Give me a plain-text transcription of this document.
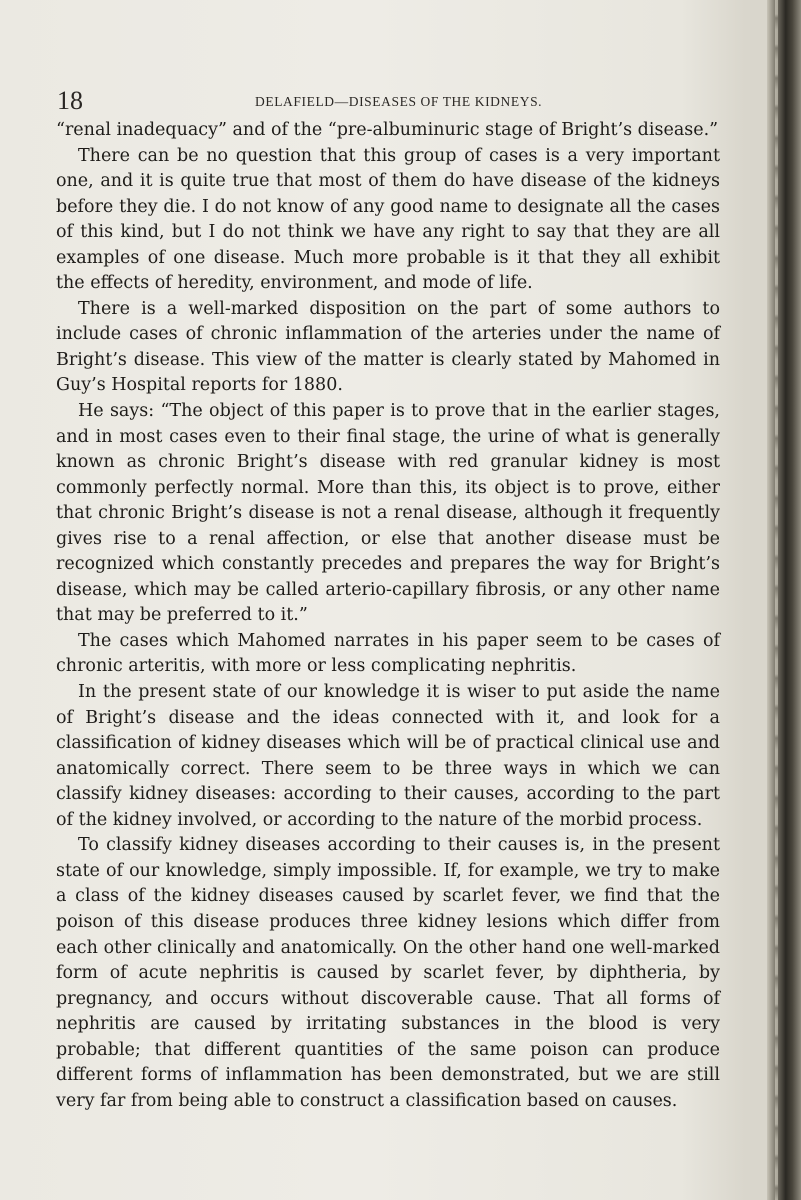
18	DELAFIELD—DISEASES OF THE KIDNEYS.

“renal inadequacy” and of the “pre-albuminuric stage of Bright’s disease.”

There can be no question that this group of cases is a very important one, and it is quite true that most of them do have disease of the kidneys before they die. I do not know of any good name to designate all the cases of this kind, but I do not think we have any right to say that they are all examples of one disease. Much more probable is it that they all exhibit the effects of heredity, environment, and mode of life.

There is a well-marked disposition on the part of some authors to include cases of chronic inflammation of the arteries under the name of Bright’s disease. This view of the matter is clearly stated by Mahomed in Guy’s Hospital reports for 1880.

He says: “The object of this paper is to prove that in the earlier stages, and in most cases even to their final stage, the urine of what is generally known as chronic Bright’s disease with red granular kidney is most commonly perfectly normal. More than this, its object is to prove, either that chronic Bright’s disease is not a renal disease, although it frequently gives rise to a renal affection, or else that another disease must be recognized which constantly precedes and prepares the way for Bright’s disease, which may be called arterio-capillary fibrosis, or any other name that may be preferred to it.”

The cases which Mahomed narrates in his paper seem to be cases of chronic arteritis, with more or less complicating nephritis.

In the present state of our knowledge it is wiser to put aside the name of Bright’s disease and the ideas connected with it, and look for a classification of kidney diseases which will be of practical clinical use and anatomically correct. There seem to be three ways in which we can classify kidney diseases: according to their causes, according to the part of the kidney involved, or according to the nature of the morbid process.

To classify kidney diseases according to their causes is, in the present state of our knowledge, simply impossible. If, for example, we try to make a class of the kidney diseases caused by scarlet fever, we find that the poison of this disease produces three kidney lesions which differ from each other clinically and anatomically. On the other hand one well-marked form of acute nephritis is caused by scarlet fever, by diphtheria, by pregnancy, and occurs without discoverable cause. That all forms of nephritis are caused by irritating substances in the blood is very probable; that different quantities of the same poison can produce different forms of inflammation has been demonstrated, but we are still very far from being able to construct a classification based on causes.
